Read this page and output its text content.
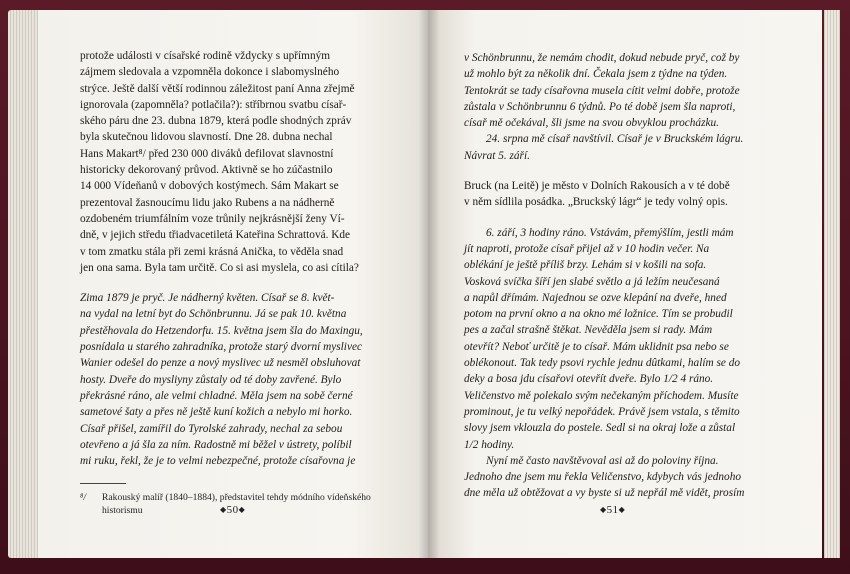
protože události v císařské rodině vždycky s upřímným
zájmem sledovala a vzpomněla dokonce i slabomyslného
strýce. Ještě další větší rodinnou záležitost paní Anna zřejmě
ignorovala (zapomněla? potlačila?): stříbrnou svatbu císař-
ského páru dne 23. dubna 1879, která podle shodných zpráv
byla skutečnou lidovou slavností. Dne 28. dubna nechal
Hans Makart⁸/ před 230 000 diváků defilovat slavnostní
historicky dekorovaný průvod. Aktivně se ho zúčastnilo
14 000 Vídeňanů v dobových kostýmech. Sám Makart se
prezentoval žasnoucímu lidu jako Rubens a na nádherně
ozdobeném triumfálním voze trůnily nejkrásnější ženy Ví-
dně, v jejich středu třiadvacetiletá Kateřina Schrattová. Kde
v tom zmatku stála při zemi krásná Anička, to věděla snad
jen ona sama. Byla tam určitě. Co si asi myslela, co asi cítila?

Zima 1879 je pryč. Je nádherný květen. Císař se 8. květ-
na vydal na letní byt do Schönbrunnu. Já se pak 10. května
přestěhovala do Hetzendorfu. 15. května jsem šla do Maxingu,
posnídala u starého zahradníka, protože starý dvorní myslivec
Wanier odešel do penze a nový myslivec už nesměl obsluhovat
hosty. Dveře do mysliyny zůstaly od té doby zavřené. Bylo
překrásné ráno, ale velmi chladné. Měla jsem na sobě černé
sametové šaty a přes ně ještě kuní kožich a nebylo mi horko.
Císař přišel, zamířil do Tyrolské zahrady, nechal za sebou
otevřeno a já šla za ním. Radostně mi běžel v ústrety, políbil
mi ruku, řekl, že je to velmi nebezpečné, protože císařovna je

⁸/	Rakouský malíř (1840–1884), představitel tehdy módního vídeňského
historismu	◆50◆

v Schönbrunnu, že nemám chodit, dokud nebude pryč, což by
už mohlo být za několik dní. Čekala jsem z týdne na týden.
Tentokrát se tady císařovna musela cítit velmi dobře, protože
zůstala v Schönbrunnu 6 týdnů. Po té době jsem šla naproti,
císař mě očekával, šli jsme na svou obvyklou procházku.

24. srpna mě císař navštívil. Císař je v Bruckském lágru.
Návrat 5. září.

Bruck (na Leitě) je město v Dolních Rakousích a v té době
v něm sídlila posádka. „Bruckský lágr“ je tedy volný opis.

6. září, 3 hodiny ráno. Vstávám, přemýšlím, jestli mám
jít naproti, protože císař přijel až v 10 hodin večer. Na
oblékání je ještě příliš brzy. Lehám si v košili na sofa.
Vosková svíčka šíří jen slabé světlo a já ležím neučesaná
a napůl dřímám. Najednou se ozve klepání na dveře, hned
potom na první okno a na okno mé ložnice. Tím se probudil
pes a začal strašně štěkat. Nevěděla jsem si rady. Mám
otevřít? Neboť určitě je to císař. Mám uklidnit psa nebo se
oblékonout. Tak tedy psovi rychle jednu dûtkami, halím se do
deky a bosa jdu císařovi otevřít dveře. Bylo 1/2 4 ráno.
Veličenstvo mě polekalo svým nečekaným příchodem. Musíte
prominout, je tu velký nepořádek. Právě jsem vstala, s těmito
slovy jsem vklouzla do postele. Sedl si na okraj lože a zůstal
1/2 hodiny.

Nyní mě často navštěvoval asi až do poloviny října.
Jednoho dne jsem mu řekla Veličenstvo, kdybych vás jednoho
dne měla už obtěžovat a vy byste si už nepřál mě vidět, prosím

◆51◆
